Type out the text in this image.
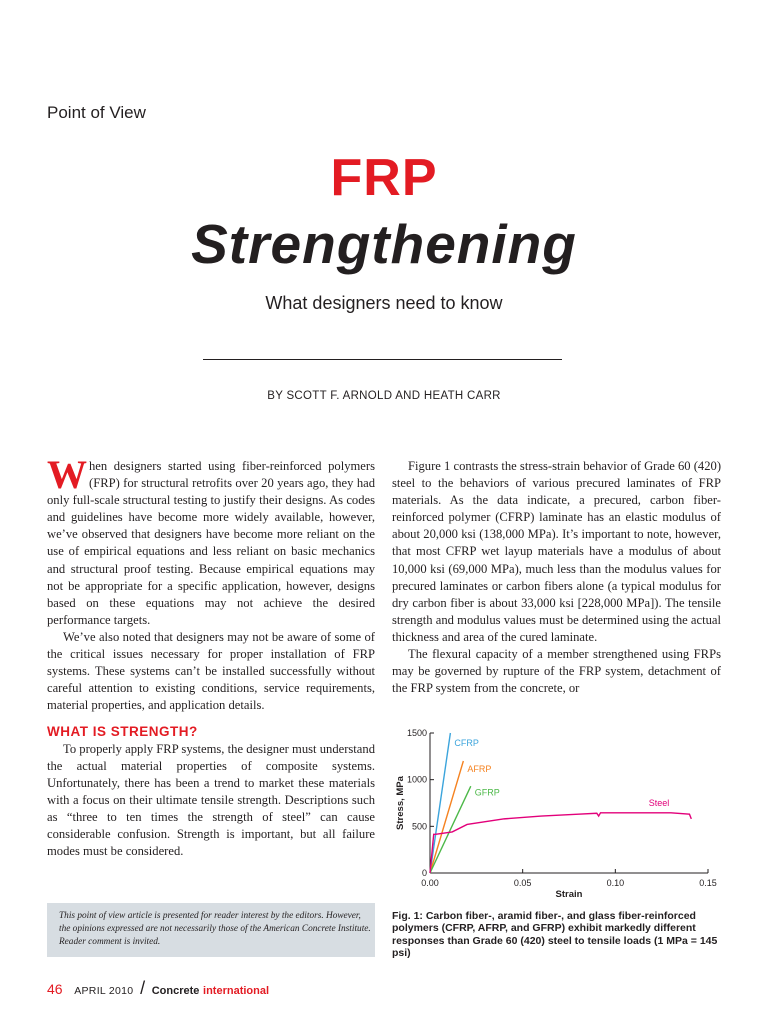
Point of View
FRP
Strengthening
What designers need to know
BY SCOTT F. ARNOLD AND HEATH CARR

When designers started using fiber-reinforced polymers (FRP) for structural retrofits over 20 years ago, they had only full-scale structural testing to justify their designs. As codes and guidelines have become more widely available, however, we’ve observed that designers have become more reliant on the use of empirical equations and less reliant on basic mechanics and structural proof testing. Because empirical equations may not be appropriate for a specific application, however, designs based on these equations may not achieve the desired performance targets.

We’ve also noted that designers may not be aware of some of the critical issues necessary for proper installation of FRP systems. These systems can’t be installed successfully without careful attention to existing conditions, service requirements, material properties, and application details.

WHAT IS STRENGTH?

To properly apply FRP systems, the designer must understand the actual material properties of composite systems. Unfortunately, there has been a trend to market these materials with a focus on their ultimate tensile strength. Descriptions such as “three to ten times the strength of steel” can cause considerable confusion. Strength is important, but all failure modes must be considered.

Figure 1 contrasts the stress-strain behavior of Grade 60 (420) steel to the behaviors of various precured laminates of FRP materials. As the data indicate, a precured, carbon fiber-reinforced polymer (CFRP) laminate has an elastic modulus of about 20,000 ksi (138,000 MPa). It’s important to note, however, that most CFRP wet layup materials have a modulus of about 10,000 ksi (69,000 MPa), much less than the modulus values for precured laminates or carbon fibers alone (a typical modulus for dry carbon fiber is about 33,000 ksi [228,000 MPa]). The tensile strength and modulus values must be determined using the actual thickness and area of the cured laminate.

The flexural capacity of a member strengthened using FRPs may be governed by rupture of the FRP system, detachment of the FRP system from the concrete, or

This point of view article is presented for reader interest by the editors. However, the opinions expressed are not necessarily those of the American Concrete Institute. Reader comment is invited.
0.00	0.05	0.10	0.15
0
500
1000
1500
Strain
Stress, MPa
CFRP
AFRP
GFRP
Steel
Fig. 1: Carbon fiber-, aramid fiber-, and glass fiber-reinforced polymers (CFRP, AFRP, and GFRP) exhibit markedly different responses than Grade 60 (420) steel to tensile loads (1 MPa = 145 psi)
46 APRIL 2010 / Concrete international
